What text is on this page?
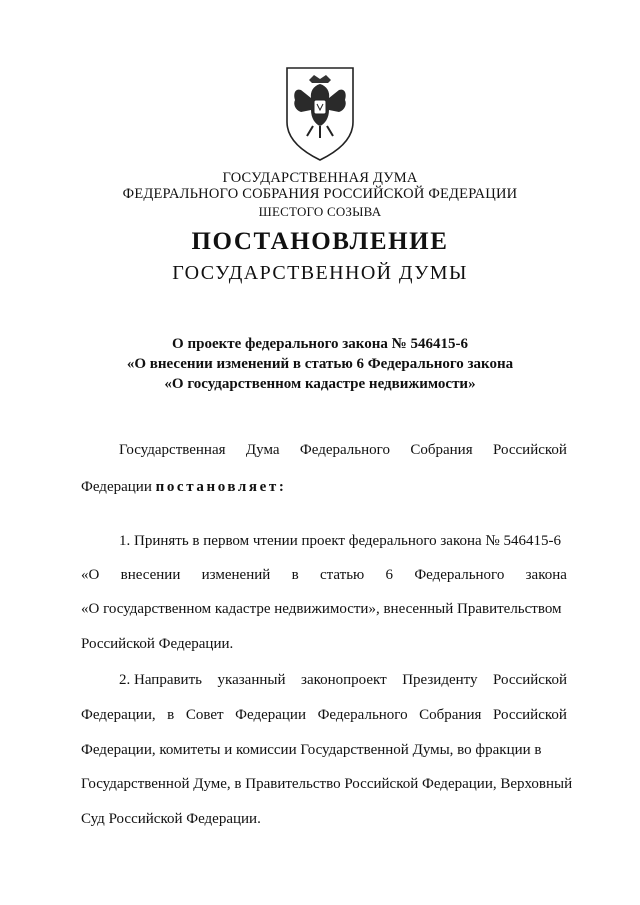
ГОСУДАРСТВЕННАЯ ДУМА
ФЕДЕРАЛЬНОГО СОБРАНИЯ РОССИЙСКОЙ ФЕДЕРАЦИИ
ШЕСТОГО СОЗЫВА
ПОСТАНОВЛЕНИЕ
ГОСУДАРСТВЕННОЙ ДУМЫ
О проекте федерального закона № 546415-6
«О внесении изменений в статью 6 Федерального закона
«О государственном кадастре недвижимости»
Государственная Дума Федерального Собрания Российской
Федерации постановляет:
1. Принять в первом чтении проект федерального закона № 546415-6
«О внесении изменений в статью 6 Федерального закона
«О государственном кадастре недвижимости», внесенный Правительством
Российской Федерации.
2. Направить указанный законопроект Президенту Российской
Федерации, в Совет Федерации Федерального Собрания Российской
Федерации, комитеты и комиссии Государственной Думы, во фракции в
Государственной Думе, в Правительство Российской Федерации, Верховный
Суд Российской Федерации.
